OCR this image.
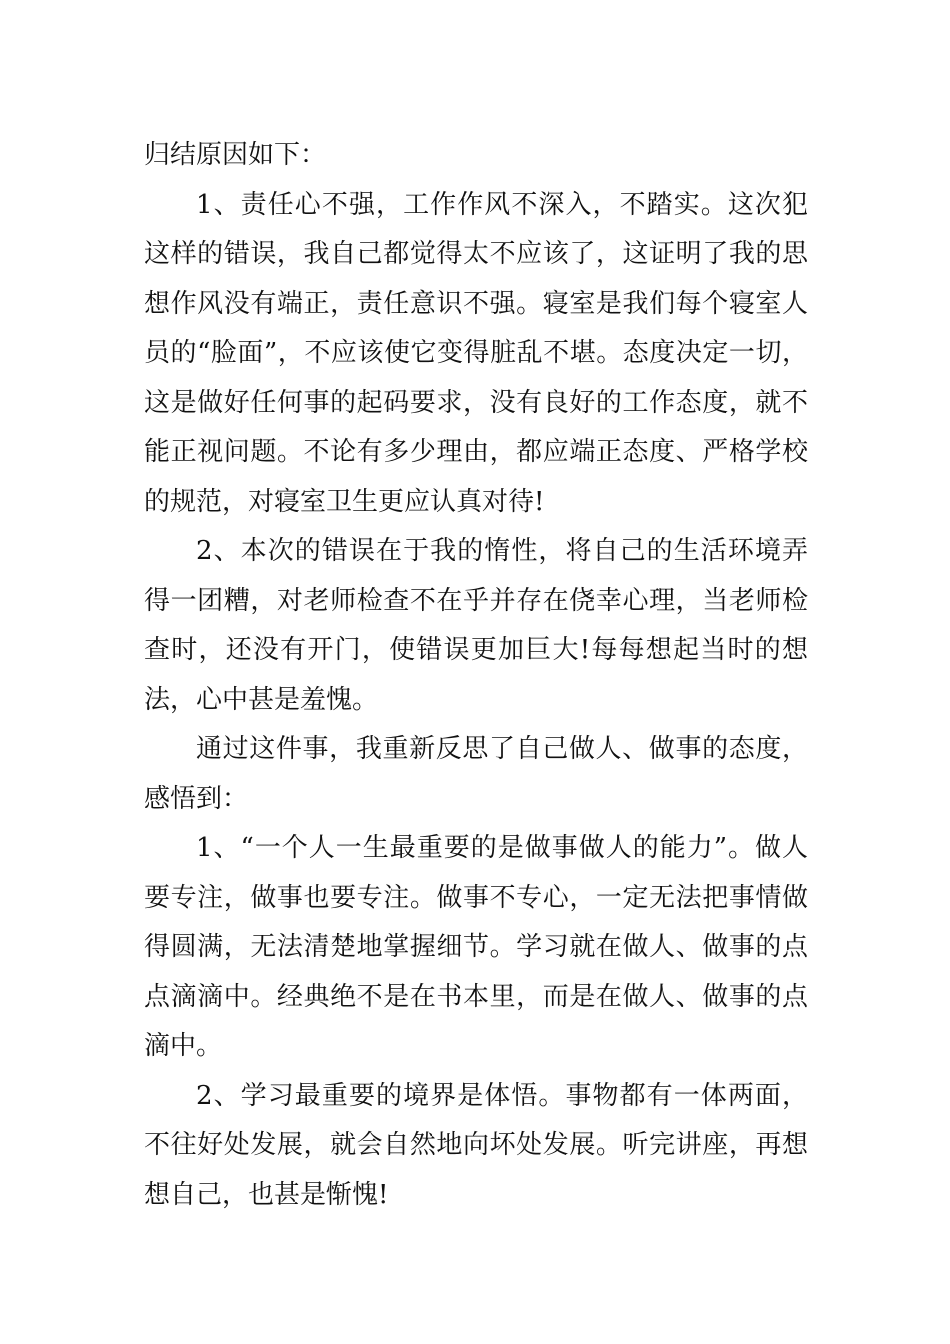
归结原因如下：

1、责任心不强，工作作风不深入，不踏实。这次犯这样的错误，我自己都觉得太不应该了，这证明了我的思想作风没有端正，责任意识不强。寝室是我们每个寝室人员的“脸面”，不应该使它变得脏乱不堪。态度决定一切，这是做好任何事的起码要求，没有良好的工作态度，就不能正视问题。不论有多少理由，都应端正态度、严格学校的规范，对寝室卫生更应认真对待!

2、本次的错误在于我的惰性，将自己的生活环境弄得一团糟，对老师检查不在乎并存在侥幸心理，当老师检查时，还没有开门，使错误更加巨大!每每想起当时的想法，心中甚是羞愧。

通过这件事，我重新反思了自己做人、做事的态度，感悟到：

1、“一个人一生最重要的是做事做人的能力”。做人要专注，做事也要专注。做事不专心，一定无法把事情做得圆满，无法清楚地掌握细节。学习就在做人、做事的点点滴滴中。经典绝不是在书本里，而是在做人、做事的点滴中。

2、学习最重要的境界是体悟。事物都有一体两面，不往好处发展，就会自然地向坏处发展。听完讲座，再想想自己，也甚是惭愧!
